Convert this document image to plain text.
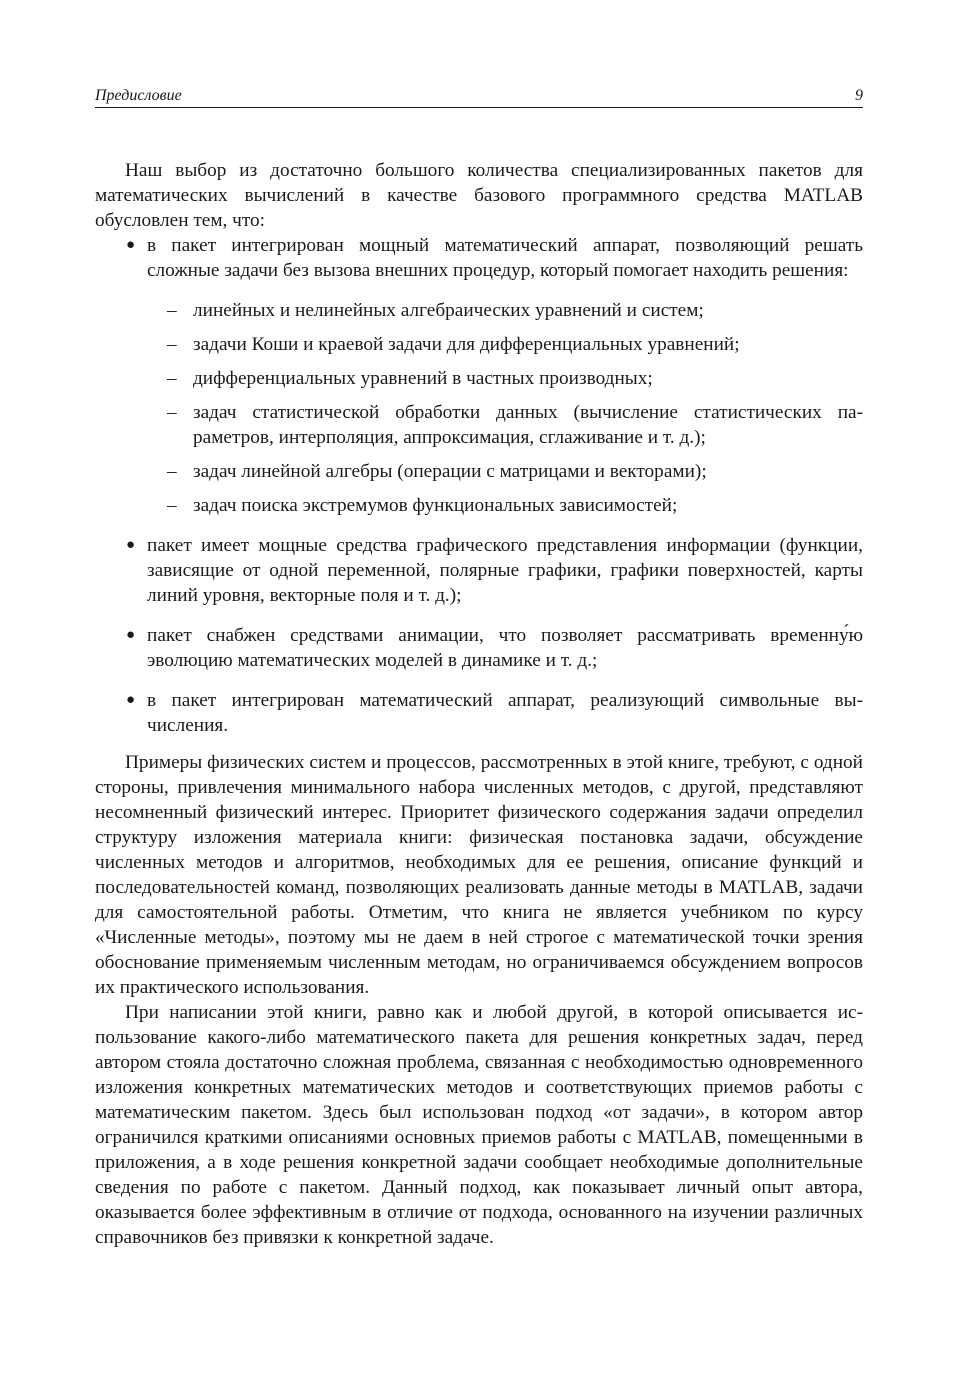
Предисловие	9

Наш выбор из достаточно большого количества специализированных пакетов для математических вычислений в качестве базового программного средства MATLAB обусловлен тем, что:

● в пакет интегрирован мощный математический аппарат, позволяющий решать сложные задачи без вызова внешних процедур, который помогает находить решения:
– линейных и нелинейных алгебраических уравнений и систем;
– задачи Коши и краевой задачи для дифференциальных уравнений;
– дифференциальных уравнений в частных производных;
– задач статистической обработки данных (вычисление статистических параметров, интерполяция, аппроксимация, сглаживание и т. д.);
– задач линейной алгебры (операции с матрицами и векторами);
– задач поиска экстремумов функциональных зависимостей;
● пакет имеет мощные средства графического представления информации (функции, зависящие от одной переменной, полярные графики, графики поверхностей, карты линий уровня, векторные поля и т. д.);
● пакет снабжен средствами анимации, что позволяет рассматривать временну́ю эволюцию математических моделей в динамике и т. д.;
● в пакет интегрирован математический аппарат, реализующий символьные вычисления.

Примеры физических систем и процессов, рассмотренных в этой книге, требуют, с одной стороны, привлечения минимального набора численных методов, с другой, представляют несомненный физический интерес. Приоритет физического содержания задачи определил структуру изложения материала книги: физическая постановка задачи, обсуждение численных методов и алгоритмов, необходимых для ее решения, описание функций и последовательностей команд, позволяющих реализовать данные методы в MATLAB, задачи для самостоятельной работы. Отметим, что книга не является учебником по курсу «Численные методы», поэтому мы не даем в ней строгое с математической точки зрения обоснование применяемым численным методам, но ограничиваемся обсуждением вопросов их практического использования.

При написании этой книги, равно как и любой другой, в которой описывается использование какого-либо математического пакета для решения конкретных задач, перед автором стояла достаточно сложная проблема, связанная с необходимостью одновременного изложения конкретных математических методов и соответствующих приемов работы с математическим пакетом. Здесь был использован подход «от задачи», в котором автор ограничился краткими описаниями основных приемов работы с MATLAB, помещенными в приложения, а в ходе решения конкретной задачи сообщает необходимые дополнительные сведения по работе с пакетом. Данный подход, как показывает личный опыт автора, оказывается более эффективным в отличие от подхода, основанного на изучении различных справочников без привязки к конкретной задаче.
